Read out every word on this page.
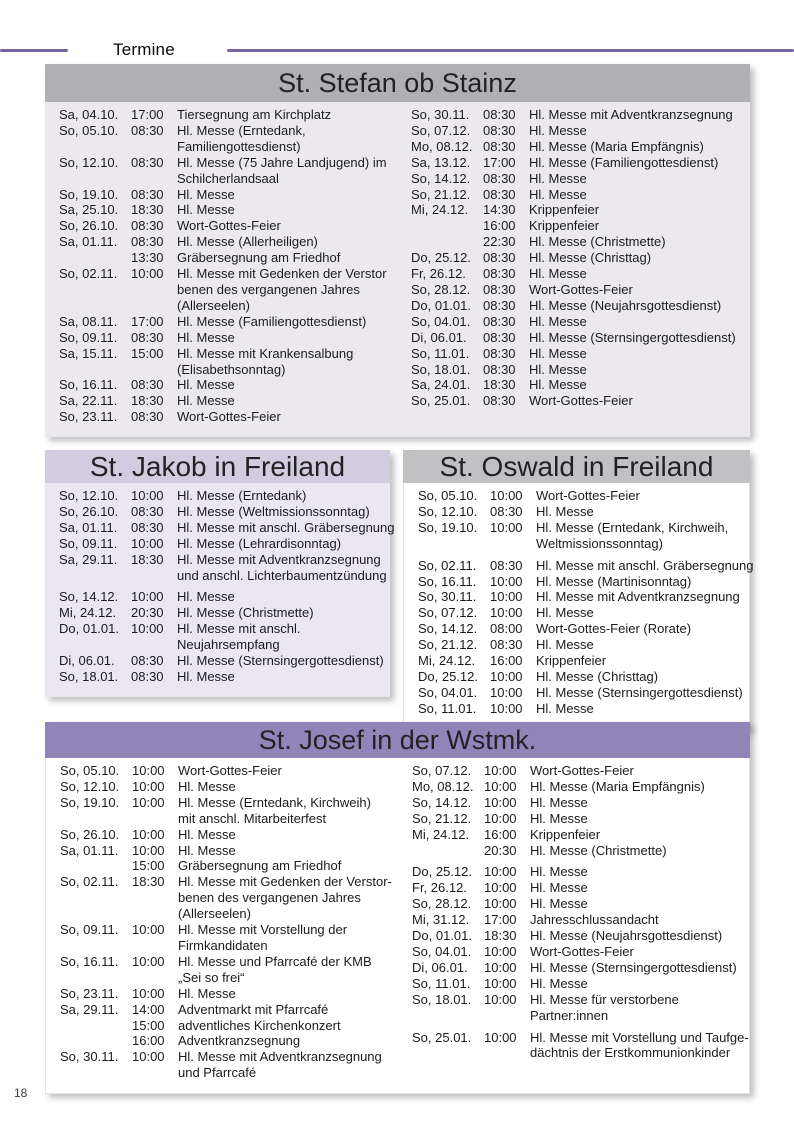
Termine
St. Stefan ob Stainz
Sa, 04.10. 17:00	Tiersegnung am Kirchplatz
So, 05.10. 08:30	Hl. Messe (Erntedank,
Familiengottesdienst)
So, 12.10. 08:30	Hl. Messe (75 Jahre Landjugend) im
Schilcherlandsaal
So, 19.10. 08:30	Hl. Messe
Sa, 25.10. 18:30	Hl. Messe
So, 26.10. 08:30	Wort-Gottes-Feier
Sa, 01.11.	08:30	Hl. Messe (Allerheiligen)
13:30	Gräbersegnung am Friedhof
So, 02.11.	10:00	Hl. Messe mit Gedenken der Verstor
benen des vergangenen Jahres
(Allerseelen)
Sa, 08.11.	17:00	Hl. Messe (Familiengottesdienst)
So, 09.11.	08:30	Hl. Messe
Sa, 15.11.	15:00	Hl. Messe mit Krankensalbung
(Elisabethsonntag)
So, 16.11.	08:30	Hl. Messe
Sa, 22.11.	18:30	Hl. Messe
So, 23.11.	08:30	Wort-Gottes-Feier
So, 30.11.	08:30	Hl. Messe mit Adventkranzsegnung
So, 07.12. 08:30	Hl. Messe
Mo, 08.12. 08:30	Hl. Messe (Maria Empfängnis)
Sa, 13.12. 17:00	Hl. Messe (Familiengottesdienst)
So, 14.12. 08:30	Hl. Messe
So, 21.12. 08:30	Hl. Messe
Mi, 24.12.	14:30	Krippenfeier
16:00	Krippenfeier
22:30	Hl. Messe (Christmette)
Do, 25.12. 08:30	Hl. Messe (Christtag)
Fr, 26.12.	08:30	Hl. Messe
So, 28.12. 08:30	Wort-Gottes-Feier
Do, 01.01. 08:30	Hl. Messe (Neujahrsgottesdienst)
So, 04.01. 08:30	Hl. Messe
Di, 06.01.	08:30	Hl. Messe (Sternsingergottesdienst)
So, 11.01.	08:30	Hl. Messe
So, 18.01. 08:30	Hl. Messe
Sa, 24.01. 18:30	Hl. Messe
So, 25.01. 08:30	Wort-Gottes-Feier
St. Jakob in Freiland
So, 12.10. 10:00	Hl. Messe (Erntedank)
So, 26.10. 08:30	Hl. Messe (Weltmissionssonntag)
Sa, 01.11.	08:30	Hl. Messe mit anschl. Gräbersegnung
So, 09.11.	10:00	Hl. Messe (Lehrardisonntag)
Sa, 29.11.	18:30	Hl. Messe mit Adventkranzsegnung
und anschl. Lichterbaumentzündung
So, 14.12. 10:00	Hl. Messe
Mi, 24.12.	20:30	Hl. Messe (Christmette)
Do, 01.01. 10:00	Hl. Messe mit anschl.
Neujahrsempfang
Di, 06.01.	08:30	Hl. Messe (Sternsingergottesdienst)
So, 18.01. 08:30	Hl. Messe
St. Oswald in Freiland
So, 05.10. 10:00	Wort-Gottes-Feier
So, 12.10. 08:30	Hl. Messe
So, 19.10. 10:00	Hl. Messe (Erntedank, Kirchweih,
Weltmissionssonntag)
So, 02.11.	08:30	Hl. Messe mit anschl. Gräbersegnung
So, 16.11.	10:00	Hl. Messe (Martinisonntag)
So, 30.11.	10:00	Hl. Messe mit Adventkranzsegnung
So, 07.12. 10:00	Hl. Messe
So, 14.12. 08:00	Wort-Gottes-Feier (Rorate)
So, 21.12. 08:30	Hl. Messe
Mi, 24.12.	16:00	Krippenfeier
Do, 25.12. 10:00	Hl. Messe (Christtag)
So, 04.01. 10:00	Hl. Messe (Sternsingergottesdienst)
So, 11.01.	10:00	Hl. Messe
St. Josef in der Wstmk.
So, 05.10. 10:00	Wort-Gottes-Feier
So, 12.10. 10:00	Hl. Messe
So, 19.10. 10:00	Hl. Messe (Erntedank, Kirchweih)
mit anschl. Mitarbeiterfest
So, 26.10. 10:00	Hl. Messe
Sa, 01.11.	10:00	Hl. Messe
15:00	Gräbersegnung am Friedhof
So, 02.11.	18:30	Hl. Messe mit Gedenken der Verstor-
benen des vergangenen Jahres
(Allerseelen)
So, 09.11.	10:00	Hl. Messe mit Vorstellung der
Firmkandidaten
So, 16.11.	10:00	Hl. Messe und Pfarrcafé der KMB
„Sei so frei“
So, 23.11.	10:00	Hl. Messe
Sa, 29.11.	14:00	Adventmarkt mit Pfarrcafé
15:00	adventliches Kirchenkonzert
16:00	Adventkranzsegnung
So, 30.11.	10:00	Hl. Messe mit Adventkranzsegnung
und Pfarrcafé
So, 07.12. 10:00	Wort-Gottes-Feier
Mo, 08.12. 10:00	Hl. Messe (Maria Empfängnis)
So, 14.12. 10:00	Hl. Messe
So, 21.12. 10:00	Hl. Messe
Mi, 24.12.	16:00	Krippenfeier
20:30	Hl. Messe (Christmette)
Do, 25.12. 10:00	Hl. Messe
Fr, 26.12.	10:00	Hl. Messe
So, 28.12. 10:00	Hl. Messe
Mi, 31.12.	17:00	Jahresschlussandacht
Do, 01.01. 18:30	Hl. Messe (Neujahrsgottesdienst)
So, 04.01. 10:00	Wort-Gottes-Feier
Di, 06.01.	10:00	Hl. Messe (Sternsingergottesdienst)
So, 11.01.	10:00	Hl. Messe
So, 18.01. 10:00	Hl. Messe für verstorbene
Partner:innen
So, 25.01. 10:00	Hl. Messe mit Vorstellung und Taufge-
dächtnis der Erstkommunionkinder
18
